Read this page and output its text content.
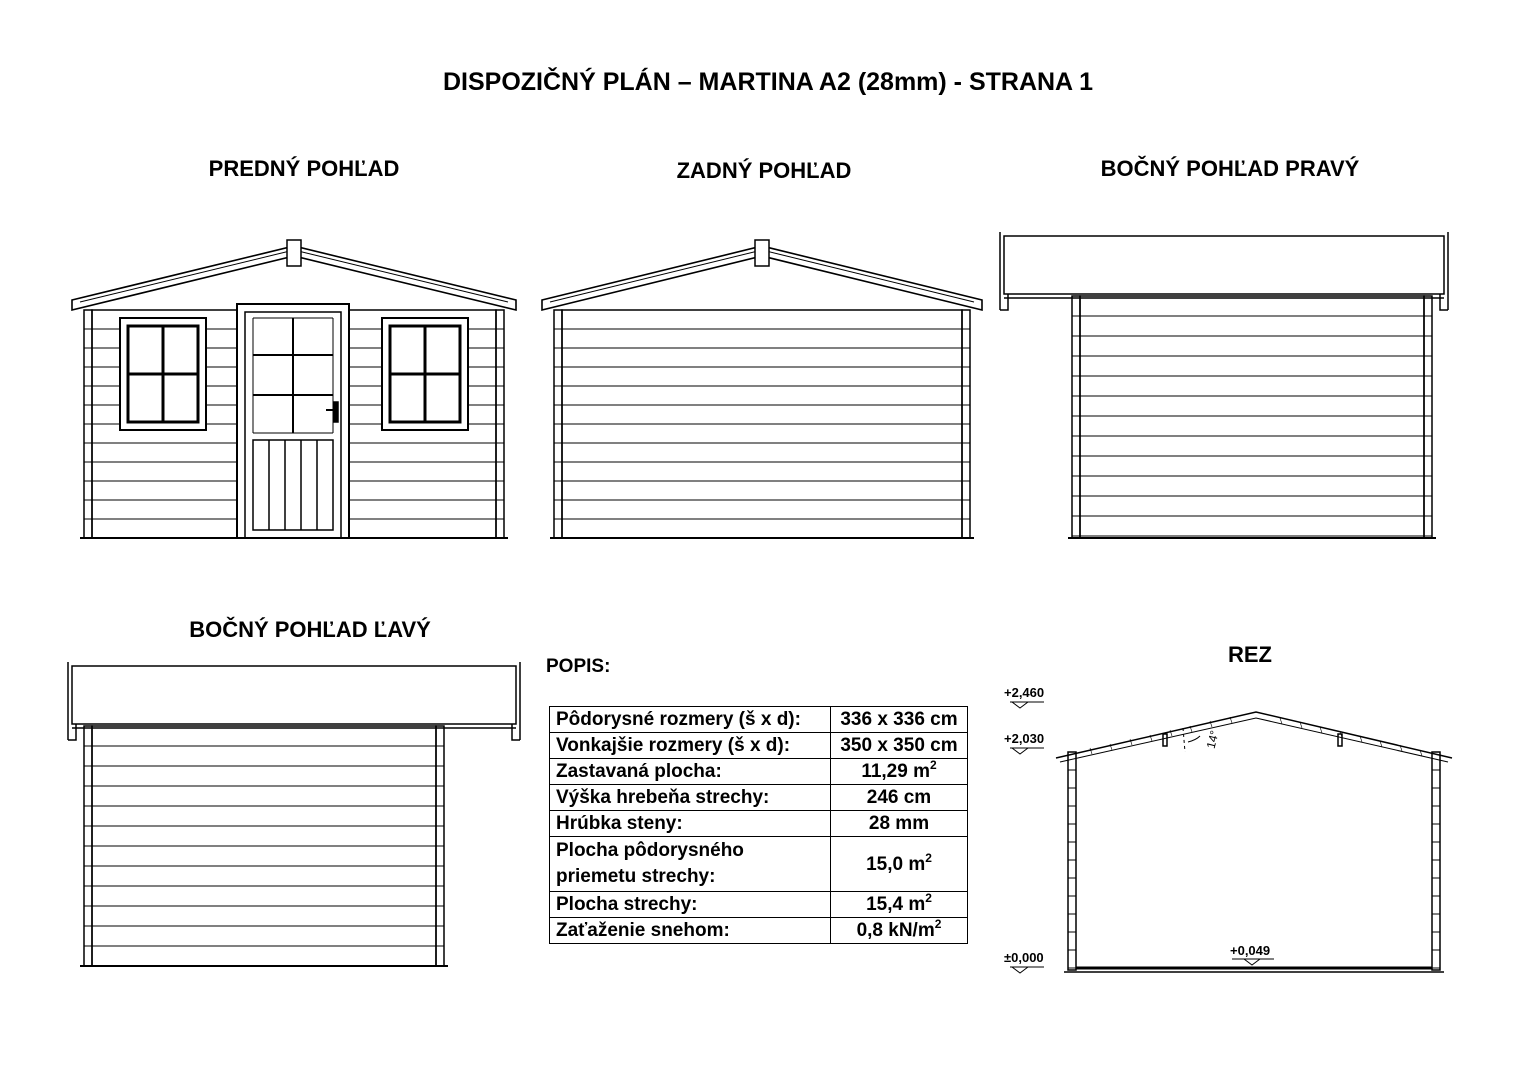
DISPOZIČNÝ PLÁN – MARTINA A2 (28mm) - STRANA 1
PREDNÝ POHĽAD	ZADNÝ POHĽAD	BOČNÝ POHĽAD PRAVÝ
BOČNÝ POHĽAD ĽAVÝ
REZ
+2,460
+2,030
±0,000	+0,049
14°
POPIS:
Pôdorysné rozmery (š x d):	336 x 336 cm
Vonkajšie rozmery (š x d):	350 x 350 cm
Zastavaná plocha:	11,29 $m^2$
Výška hrebeňa strechy:	246 cm
Hrúbka steny:	28 mm
Plocha pôdorysného
priemetu strechy:	15,0 $m^2$
Plocha strechy:	15,4 $m^2$
Zaťaženie snehom:	0,8 $kN/m^2$
